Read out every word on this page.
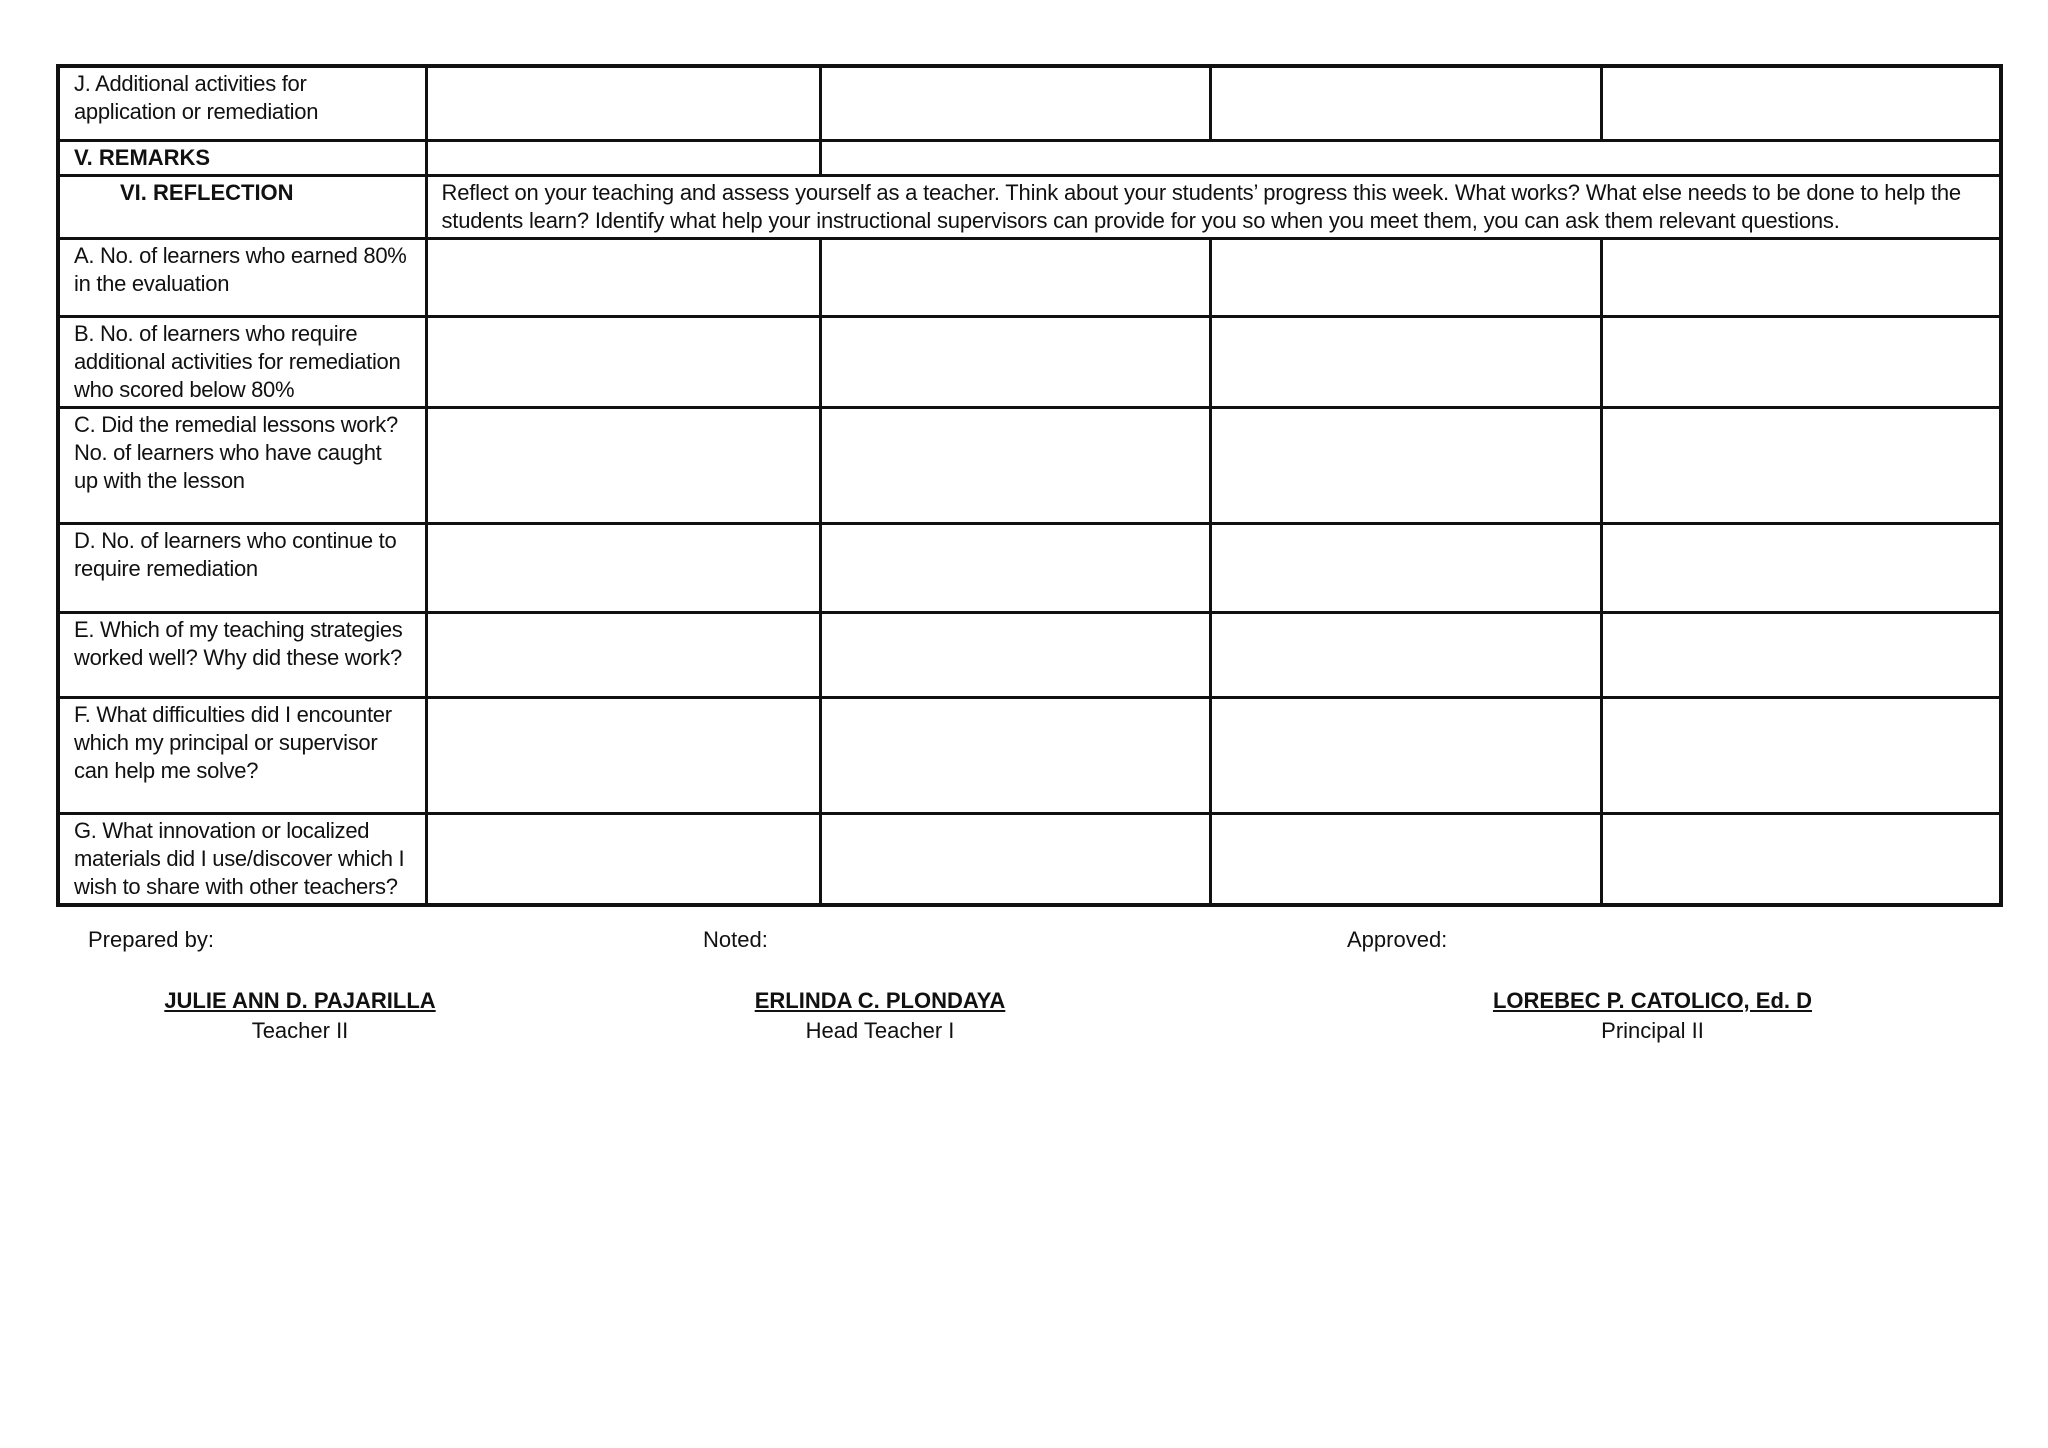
J. Additional activities for application or remediation				
V. REMARKS				
VI. REFLECTION	Reflect on your teaching and assess yourself as a teacher. Think about your students’ progress this week. What works? What else needs to be done to help the students learn? Identify what help your instructional supervisors can provide for you so when you meet them, you can ask them relevant questions.			
A. No. of learners who earned 80% in the evaluation				
B. No. of learners who require additional activities for remediation who scored below 80%				
C. Did the remedial lessons work? No. of learners who have caught up with the lesson				
D. No. of learners who continue to require remediation				
E. Which of my teaching strategies worked well? Why did these work?				
F. What difficulties did I encounter which my principal or supervisor can help me solve?				
G. What innovation or localized materials did I use/discover which I wish to share with other teachers?				
Prepared by:	Noted:	Approved:
JULIE ANN D. PAJARILLA
Teacher II
ERLINDA C. PLONDAYA
Head Teacher I
LOREBEC P. CATOLICO, Ed. D
Principal II
